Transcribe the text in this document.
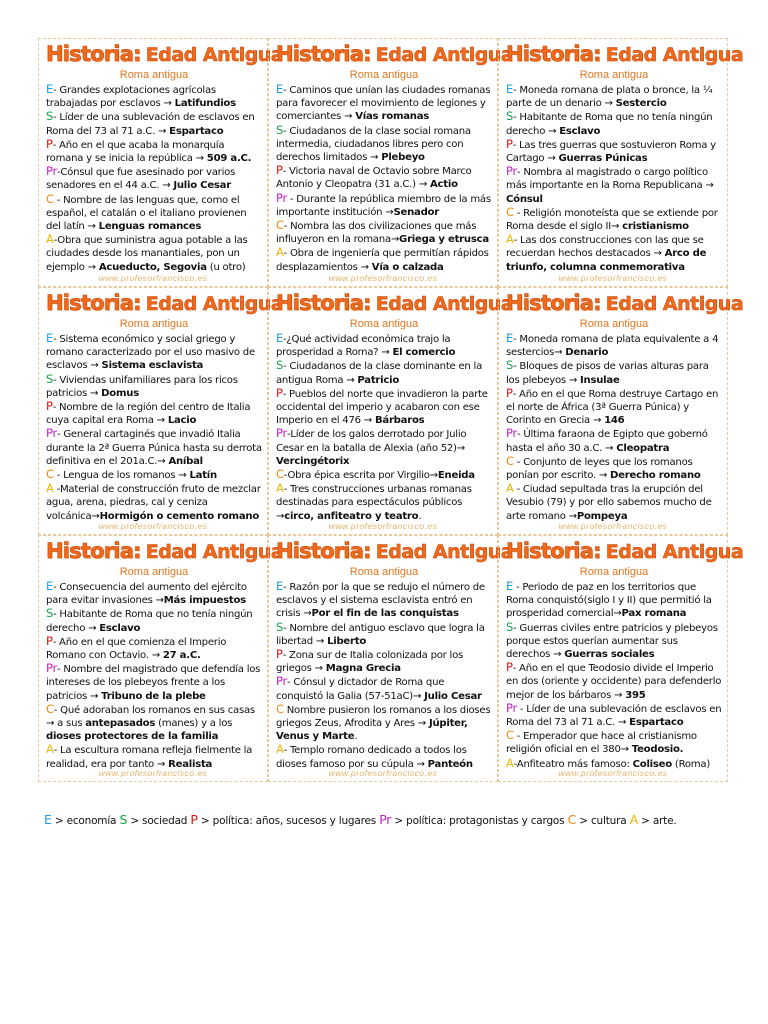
Historia: Edad Antigua
Roma antigua
E- Grandes explotaciones agrícolas trabajadas por esclavos → Latifundios
S- Líder de una sublevación de esclavos en Roma del 73 al 71 a.C. → Espartaco
P- Año en el que acaba la monarquía romana y se inicia la república → 509 a.C.
Pr-Cónsul que fue asesinado por varios senadores en el 44 a.C. → Julio Cesar
C - Nombre de las lenguas que, como el español, el catalán o el italiano provienen del latín → Lenguas romances
A-Obra que suministra agua potable a las ciudades desde los manantiales, pon un ejemplo → Acueducto, Segovia (u otro)
www.profesorfrancisco.es
Historia: Edad Antigua
Roma antigua
E- Caminos que unían las ciudades romanas para favorecer el movimiento de legiones y comerciantes → Vías romanas
S- Ciudadanos de la clase social romana intermedia, ciudadanos libres pero con derechos limitados → Plebeyo
P- Victoria naval de Octavio sobre Marco Antonio y Cleopatra (31 a.C.) → Actio
Pr - Durante la república miembro de la más importante institución →Senador
C- Nombra las dos civilizaciones que más influyeron en la romana→Griega y etrusca
A- Obra de ingeniería que permitían rápidos desplazamientos → Vía o calzada
www.profesorfrancisco.es
Historia: Edad Antigua
Roma antigua
E- Moneda romana de plata o bronce, la ¼ parte de un denario → Sestercio
S- Habitante de Roma que no tenía ningún derecho → Esclavo
P- Las tres guerras que sostuvieron Roma y Cartago → Guerras Púnicas
Pr- Nombra al magistrado o cargo político más importante en la Roma Republicana → Cónsul
C - Religión monoteísta que se extiende por Roma desde el siglo II→ cristianismo
A- Las dos construcciones con las que se recuerdan hechos destacados → Arco de triunfo, columna conmemorativa
www.profesorfrancisco.es
Historia: Edad Antigua
Roma antigua
E- Sistema económico y social griego y romano caracterizado por el uso masivo de esclavos → Sistema esclavista
S- Viviendas unifamiliares para los ricos patricios → Domus
P- Nombre de la región del centro de Italia cuya capital era Roma → Lacio
Pr- General cartaginés que invadió Italia durante la 2ª Guerra Púnica hasta su derrota definitiva en el 201a.C.→ Aníbal
C - Lengua de los romanos → Latín
A -Material de construcción fruto de mezclar agua, arena, piedras, cal y ceniza volcánica→Hormigón o cemento romano
www.profesorfrancisco.es
Historia: Edad Antigua
Roma antigua
E-¿Qué actividad económica trajo la prosperidad a Roma? → El comercio
S- Ciudadanos de la clase dominante en la antigua Roma → Patricio
P- Pueblos del norte que invadieron la parte occidental del imperio y acabaron con ese Imperio en el 476 → Bárbaros
Pr-Líder de los galos derrotado por Julio Cesar en la batalla de Alexia (año 52)→ Vercingétorix
C-Obra épica escrita por Virgilio→Eneida
A- Tres construcciones urbanas romanas destinadas para espectáculos públicos →circo, anfiteatro y teatro.
www.profesorfrancisco.es
Historia: Edad Antigua
Roma antigua
E- Moneda romana de plata equivalente a 4 sestercios→ Denario
S- Bloques de pisos de varias alturas para los plebeyos → Insulae
P- Año en el que Roma destruye Cartago en el norte de África (3ª Guerra Púnica) y Corinto en Grecia → 146
Pr- Última faraona de Egipto que gobernó hasta el año 30 a.C. → Cleopatra
C - Conjunto de leyes que los romanos ponían por escrito. → Derecho romano
A - Ciudad sepultada tras la erupción del Vesubio (79) y por ello sabemos mucho de arte romano →Pompeya
www.profesorfrancisco.es
Historia: Edad Antigua
Roma antigua
E- Consecuencia del aumento del ejército para evitar invasiones →Más impuestos
S- Habitante de Roma que no tenía ningún derecho → Esclavo
P- Año en el que comienza el Imperio Romano con Octavio. → 27 a.C.
Pr- Nombre del magistrado que defendía los intereses de los plebeyos frente a los patricios → Tribuno de la plebe
C- Qué adoraban los romanos en sus casas → a sus antepasados (manes) y a los dioses protectores de la familia
A- La escultura romana refleja fielmente la realidad, era por tanto → Realista
www.profesorfrancisco.es
Historia: Edad Antigua
Roma antigua
E- Razón por la que se redujo el número de esclavos y el sistema esclavista entró en crisis →Por el fin de las conquistas
S- Nombre del antiguo esclavo que logra la libertad → Liberto
P- Zona sur de Italia colonizada por los griegos → Magna Grecia
Pr- Cónsul y dictador de Roma que conquistó la Galia (57-51aC)→ Julio Cesar
C Nombre pusieron los romanos a los dioses griegos Zeus, Afrodita y Ares → Júpiter, Venus y Marte.
A- Templo romano dedicado a todos los dioses famoso por su cúpula → Panteón
www.profesorfrancisco.es
Historia: Edad Antigua
Roma antigua
E - Periodo de paz en los territorios que Roma conquistó(siglo I y II) que permitió la prosperidad comercial→Pax romana
S- Guerras civiles entre patricios y plebeyos porque estos querían aumentar sus derechos → Guerras sociales
P- Año en el que Teodosio divide el Imperio en dos (oriente y occidente) para defenderlo mejor de los bárbaros → 395
Pr - Líder de una sublevación de esclavos en Roma del 73 al 71 a.C. → Espartaco
C - Emperador que hace al cristianismo religión oficial en el 380→ Teodosio.
A-Anfiteatro más famoso: Coliseo (Roma)
www.profesorfrancisco.es
E > economía S > sociedad P > política: años, sucesos y lugares Pr > política: protagonistas y cargos C > cultura A > arte.
